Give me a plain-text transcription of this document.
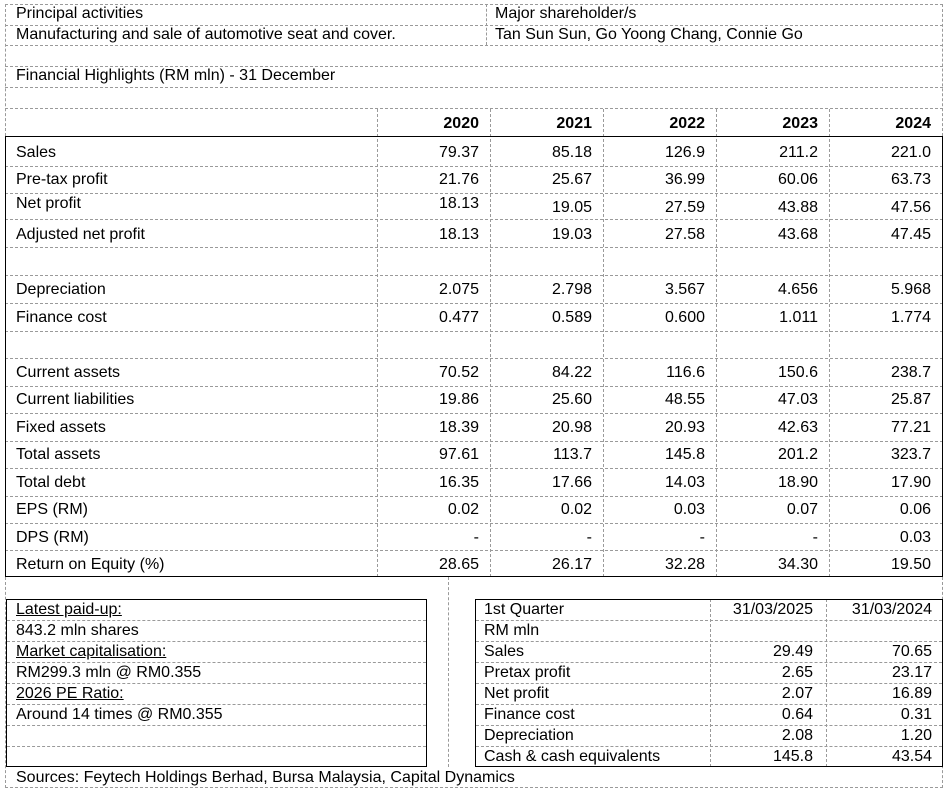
Principal activities
Manufacturing and sale of automotive seat and cover.
Major shareholder/s
Tan Sun Sun, Go Yoong Chang, Connie Go
Financial Highlights (RM mln) - 31 December
2020	2021	2022	2023	2024
Sales	79.37	85.18	126.9	211.2	221.0
Pre-tax profit	21.76	25.67	36.99	60.06	63.73
Net profit	18.13	19.05	27.59	43.88	47.56
Adjusted net profit	18.13	19.03	27.58	43.68	47.45
Depreciation	2.075	2.798	3.567	4.656	5.968
Finance cost	0.477	0.589	0.600	1.011	1.774
Current assets	70.52	84.22	116.6	150.6	238.7
Current liabilities	19.86	25.60	48.55	47.03	25.87
Fixed assets	18.39	20.98	20.93	42.63	77.21
Total assets	97.61	113.7	145.8	201.2	323.7
Total debt	16.35	17.66	14.03	18.90	17.90
EPS (RM)	0.02	0.02	0.03	0.07	0.06
DPS (RM)	-	-	-	-	0.03
Return on Equity (%)	28.65	26.17	32.28	34.30	19.50
Latest paid-up:
843.2 mln shares
Market capitalisation:
RM299.3 mln @ RM0.355
2026 PE Ratio:
Around 14 times @ RM0.355
1st Quarter	31/03/2025	31/03/2024
RM mln
Sales	29.49	70.65
Pretax profit	2.65	23.17
Net profit	2.07	16.89
Finance cost	0.64	0.31
Depreciation	2.08	1.20
Cash & cash equivalents	145.8	43.54
Sources: Feytech Holdings Berhad, Bursa Malaysia, Capital Dynamics
